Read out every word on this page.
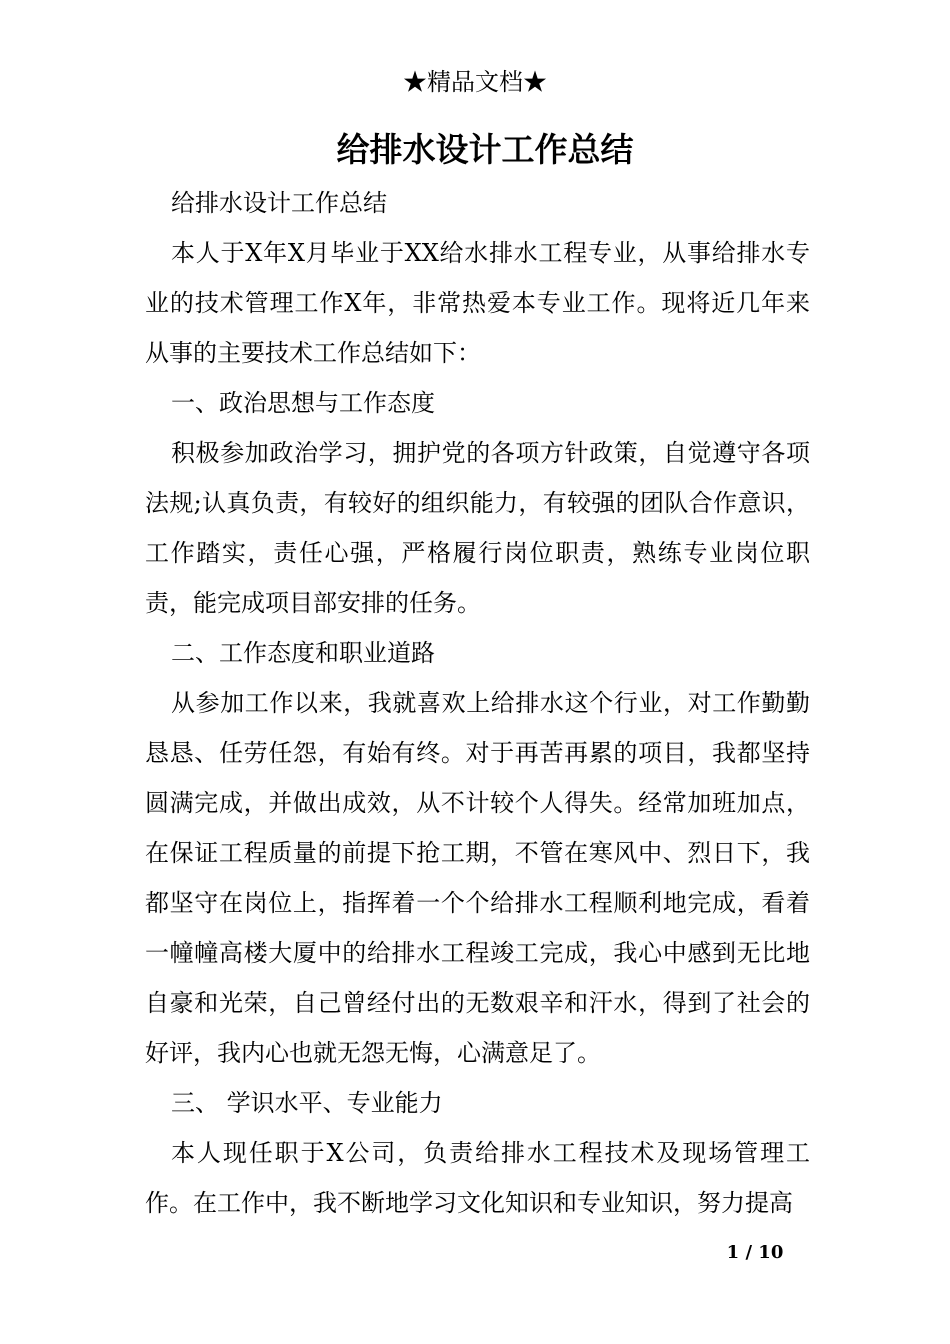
★精品文档★
给排水设计工作总结

给排水设计工作总结

本人于X年X月毕业于XX给水排水工程专业，从事给排水专业的技术管理工作X年，非常热爱本专业工作。现将近几年来从事的主要技术工作总结如下：

一、政治思想与工作态度

积极参加政治学习，拥护党的各项方针政策，自觉遵守各项法规;认真负责，有较好的组织能力，有较强的团队合作意识，工作踏实，责任心强，严格履行岗位职责，熟练专业岗位职责，能完成项目部安排的任务。

二、工作态度和职业道路

从参加工作以来，我就喜欢上给排水这个行业，对工作勤勤恳恳、任劳任怨，有始有终。对于再苦再累的项目，我都坚持圆满完成，并做出成效，从不计较个人得失。经常加班加点，在保证工程质量的前提下抢工期，不管在寒风中、烈日下，我都坚守在岗位上，指挥着一个个给排水工程顺利地完成，看着一幢幢高楼大厦中的给排水工程竣工完成，我心中感到无比地自豪和光荣，自己曾经付出的无数艰辛和汗水，得到了社会的好评，我内心也就无怨无悔，心满意足了。

三、 学识水平、专业能力

本人现任职于X公司，负责给排水工程技术及现场管理工作。在工作中，我不断地学习文化知识和专业知识，努力提高

1 / 10
